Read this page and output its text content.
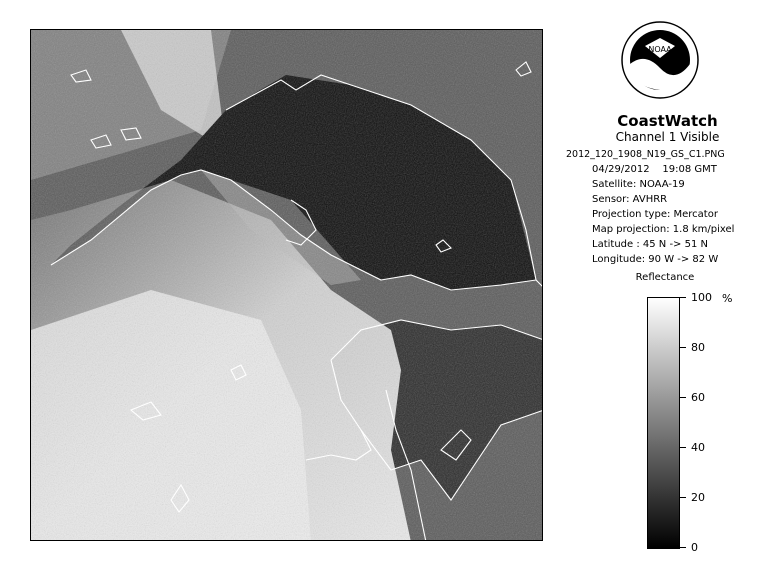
NOAA
CoastWatch
Channel 1 Visible
2012_120_1908_N19_GS_C1.PNG
04/29/2012 19:08 GMT
Satellite: NOAA-19
Sensor: AVHRR
Projection type: Mercator
Map projection: 1.8 km/pixel
Latitude : 45 N -> 51 N
Longitude: 90 W -> 82 W
Reflectance
%
100
80
60
40
20
0
